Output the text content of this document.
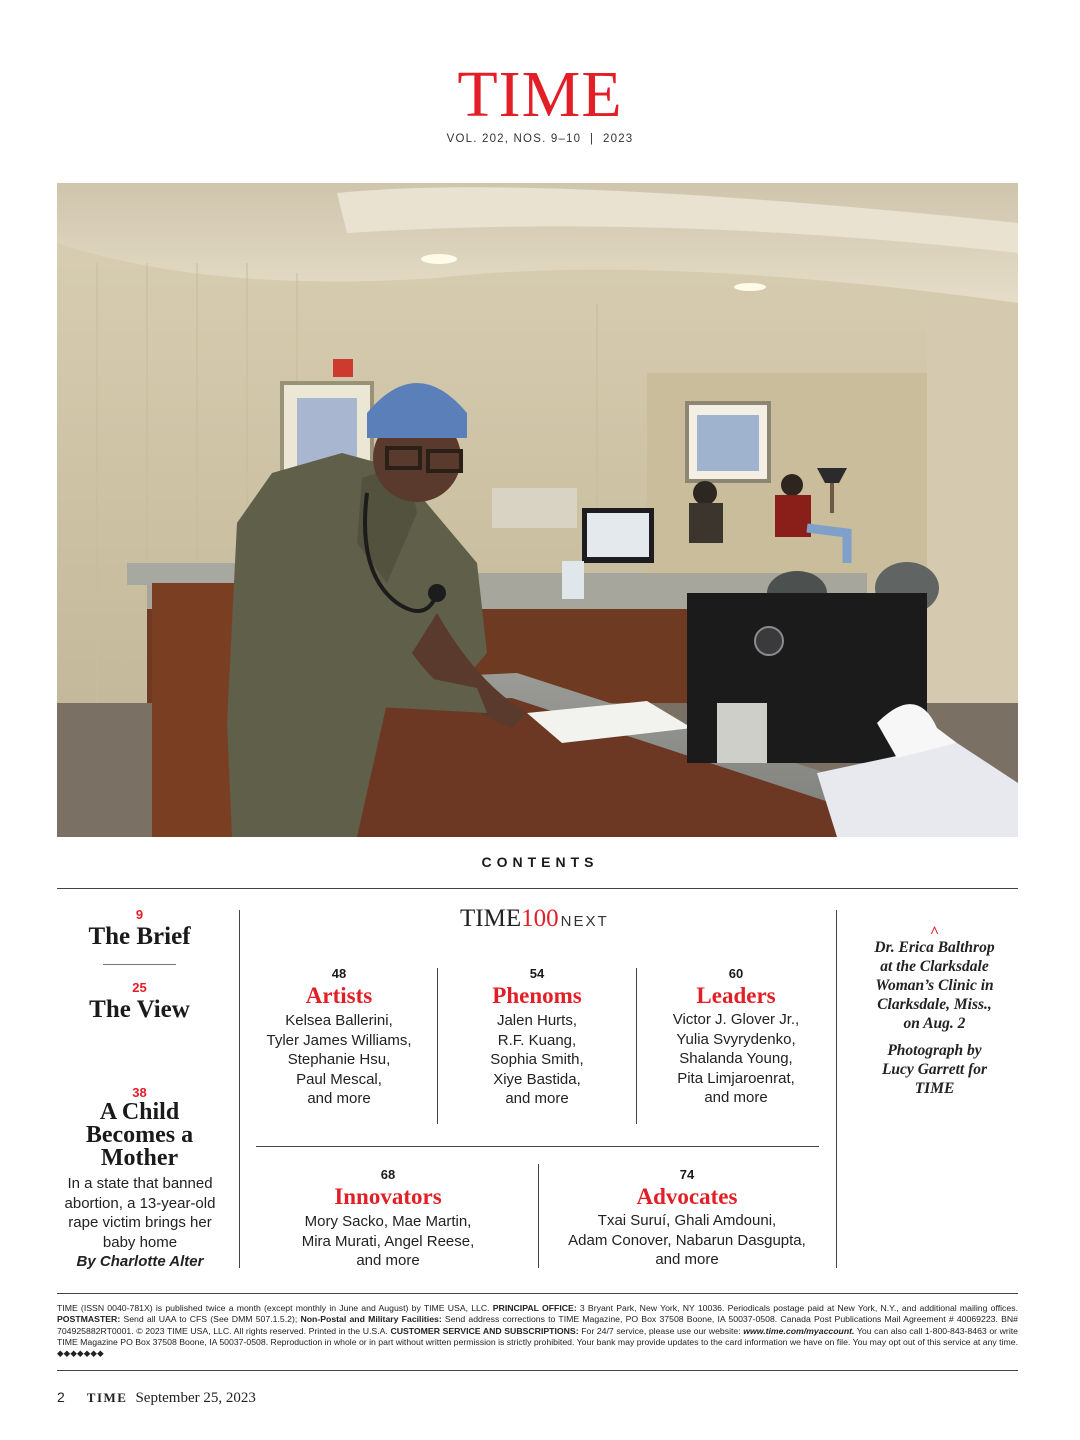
TIME
VOL. 202, NOS. 9–10  |  2023
CONTENTS
9
The Brief
25
The View
38
A Child
Becomes a
Mother
In a state that banned
abortion, a 13-year-old
rape victim brings her
baby home
By Charlotte Alter
TIME100 NEXT
48
Artists
Kelsea Ballerini,
Tyler James Williams,
Stephanie Hsu,
Paul Mescal,
and more
54
Phenoms
Jalen Hurts,
R.F. Kuang,
Sophia Smith,
Xiye Bastida,
and more
60
Leaders
Victor J. Glover Jr.,
Yulia Svyrydenko,
Shalanda Young,
Pita Limjaroenrat,
and more
68
Innovators
Mory Sacko, Mae Martin,
Mira Murati, Angel Reese,
and more
74
Advocates
Txai Suruí, Ghali Amdouni,
Adam Conover, Nabarun Dasgupta,
and more
^
Dr. Erica Balthrop
at the Clarksdale
Woman’s Clinic in
Clarksdale, Miss.,
on Aug. 2
Photograph by
Lucy Garrett for
TIME
TIME (ISSN 0040-781X) is published twice a month (except monthly in June and August) by TIME USA, LLC. PRINCIPAL OFFICE: 3 Bryant Park, New York, NY 10036. Periodicals postage paid at New York, N.Y., and additional mailing offices. POSTMASTER: Send all UAA to CFS (See DMM 507.1.5.2); Non-Postal and Military Facilities: Send address corrections to TIME Magazine, PO Box 37508 Boone, IA 50037-0508. Canada Post Publications Mail Agreement # 40069223. BN# 704925882RT0001. © 2023 TIME USA, LLC. All rights reserved. Printed in the U.S.A. CUSTOMER SERVICE AND SUBSCRIPTIONS: For 24/7 service, please use our website: www.time.com/myaccount. You can also call 1-800-843-8463 or write TIME Magazine PO Box 37508 Boone, IA 50037-0508. Reproduction in whole or in part without written permission is strictly prohibited. Your bank may provide updates to the card information we have on file. You may opt out of this service at any time. ◆◆◆◆◆◆◆
2 TIME September 25, 2023
